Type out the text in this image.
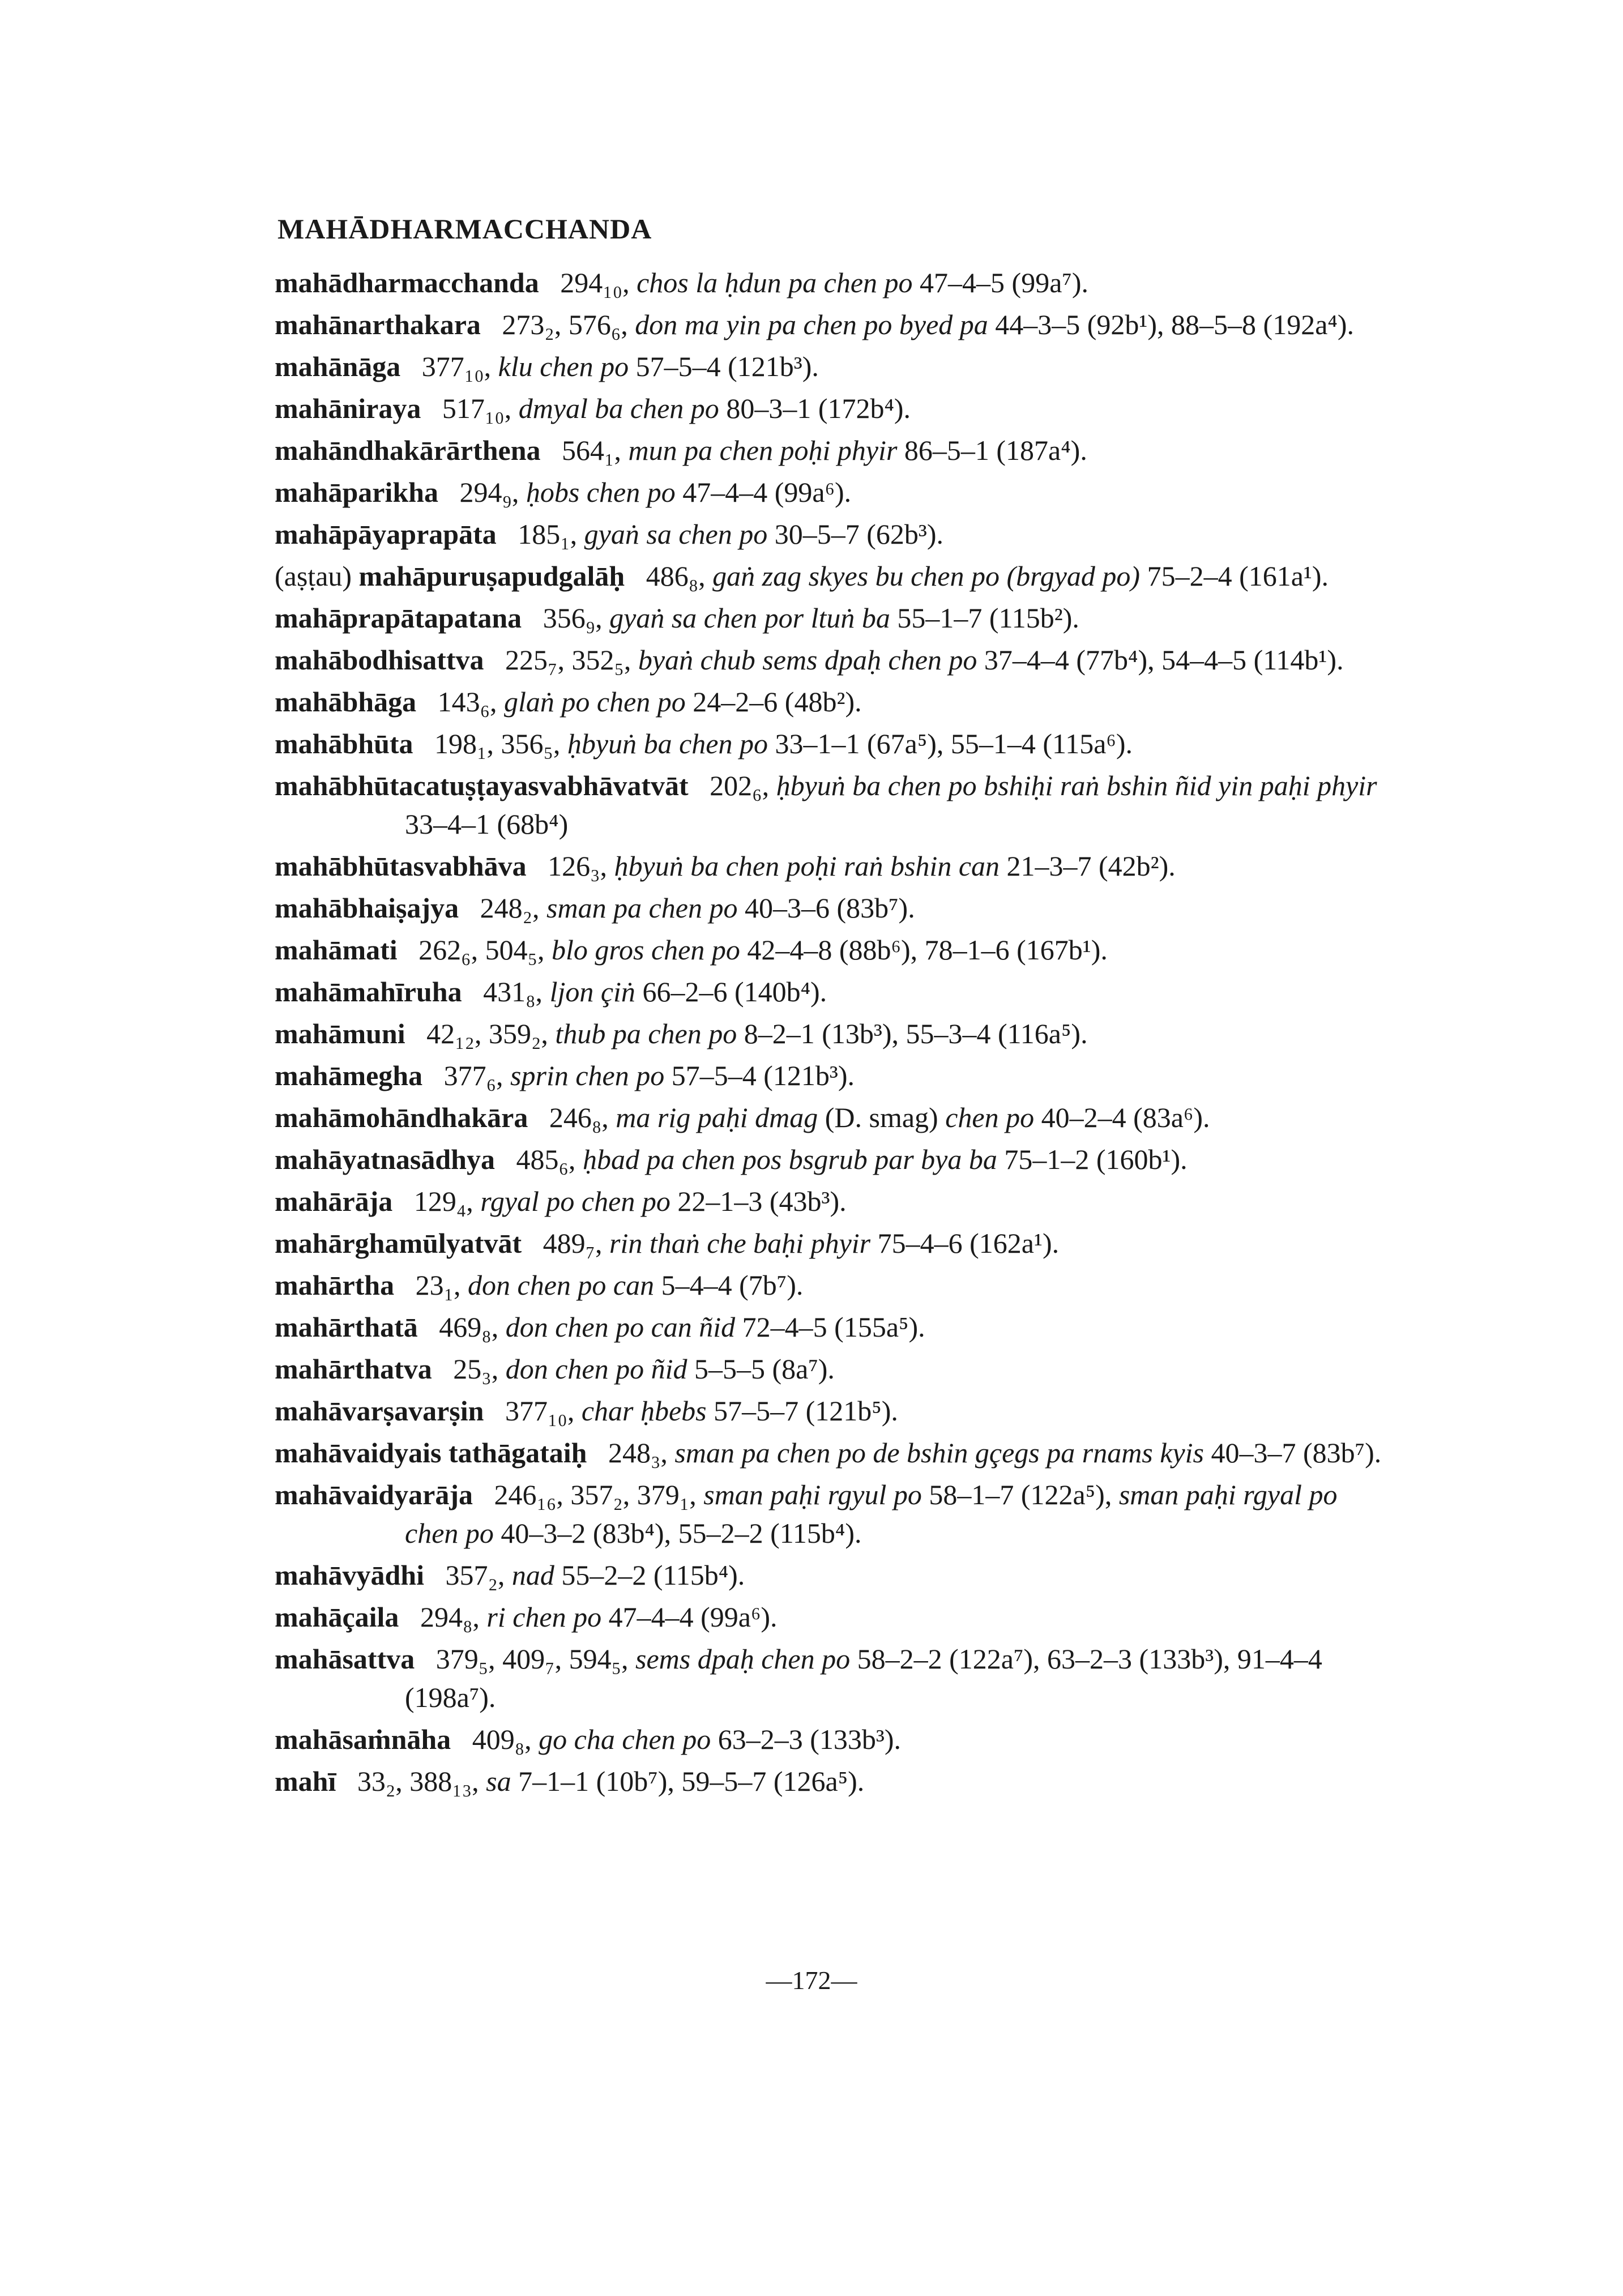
MAHĀDHARMACCHANDA
mahādharmacchanda   294₁₀, chos la ḥdun pa chen po 47–4–5 (99a⁷).
mahānarthakara   273₂, 576₆, don ma yin pa chen po byed pa 44–3–5 (92b¹), 88–5–8 (192a⁴).
mahānāga   377₁₀, klu chen po 57–5–4 (121b³).
mahāniraya   517₁₀, dmyal ba chen po 80–3–1 (172b⁴).
mahāndhakārārthena   564₁, mun pa chen poḥi phyir 86–5–1 (187a⁴).
mahāparikha   294₉, ḥobs chen po 47–4–4 (99a⁶).
mahāpāyaprapāta   185₁, gyaṅ sa chen po 30–5–7 (62b³).
(aṣṭau) mahāpuruṣapudgalāḥ   486₈, gaṅ zag skyes bu chen po (brgyad po) 75–2–4 (161a¹).
mahāprapātapatana   356₉, gyaṅ sa chen por ltuṅ ba 55–1–7 (115b²).
mahābodhisattva   225₇, 352₅, byaṅ chub sems dpaḥ chen po 37–4–4 (77b⁴), 54–4–5 (114b¹).
mahābhāga   143₆, glaṅ po chen po 24–2–6 (48b²).
mahābhūta   198₁, 356₅, ḥbyuṅ ba chen po 33–1–1 (67a⁵), 55–1–4 (115a⁶).
mahābhūtacatuṣṭayasvabhāvatvāt   202₆, ḥbyuṅ ba chen po bshiḥi raṅ bshin ñid yin paḥi phyir 33–4–1 (68b⁴)
mahābhūtasvabhāva   126₃, ḥbyuṅ ba chen poḥi raṅ bshin can 21–3–7 (42b²).
mahābhaiṣajya   248₂, sman pa chen po 40–3–6 (83b⁷).
mahāmati   262₆, 504₅, blo gros chen po 42–4–8 (88b⁶), 78–1–6 (167b¹).
mahāmahīruha   431₈, ljon çiṅ 66–2–6 (140b⁴).
mahāmuni   42₁₂, 359₂, thub pa chen po 8–2–1 (13b³), 55–3–4 (116a⁵).
mahāmegha   377₆, sprin chen po 57–5–4 (121b³).
mahāmohāndhakāra   246₈, ma rig paḥi dmag (D. smag) chen po 40–2–4 (83a⁶).
mahāyatnasādhya   485₆, ḥbad pa chen pos bsgrub par bya ba 75–1–2 (160b¹).
mahārāja   129₄, rgyal po chen po 22–1–3 (43b³).
mahārghamūlyatvāt   489₇, rin thaṅ che baḥi phyir 75–4–6 (162a¹).
mahārtha   23₁, don chen po can 5–4–4 (7b⁷).
mahārthatā   469₈, don chen po can ñid 72–4–5 (155a⁵).
mahārthatva   25₃, don chen po ñid 5–5–5 (8a⁷).
mahāvarṣavarṣin   377₁₀, char ḥbebs 57–5–7 (121b⁵).
mahāvaidyais tathāgataiḥ   248₃, sman pa chen po de bshin gçegs pa rnams kyis 40–3–7 (83b⁷).
mahāvaidyarāja   246₁₆, 357₂, 379₁, sman paḥi rgyul po 58–1–7 (122a⁵), sman paḥi rgyal po chen po 40–3–2 (83b⁴), 55–2–2 (115b⁴).
mahāvyādhi   357₂, nad 55–2–2 (115b⁴).
mahāçaila   294₈, ri chen po 47–4–4 (99a⁶).
mahāsattva   379₅, 409₇, 594₅, sems dpaḥ chen po 58–2–2 (122a⁷), 63–2–3 (133b³), 91–4–4 (198a⁷).
mahāsaṁnāha   409₈, go cha chen po 63–2–3 (133b³).
mahī   33₂, 388₁₃, sa 7–1–1 (10b⁷), 59–5–7 (126a⁵).
—172—
